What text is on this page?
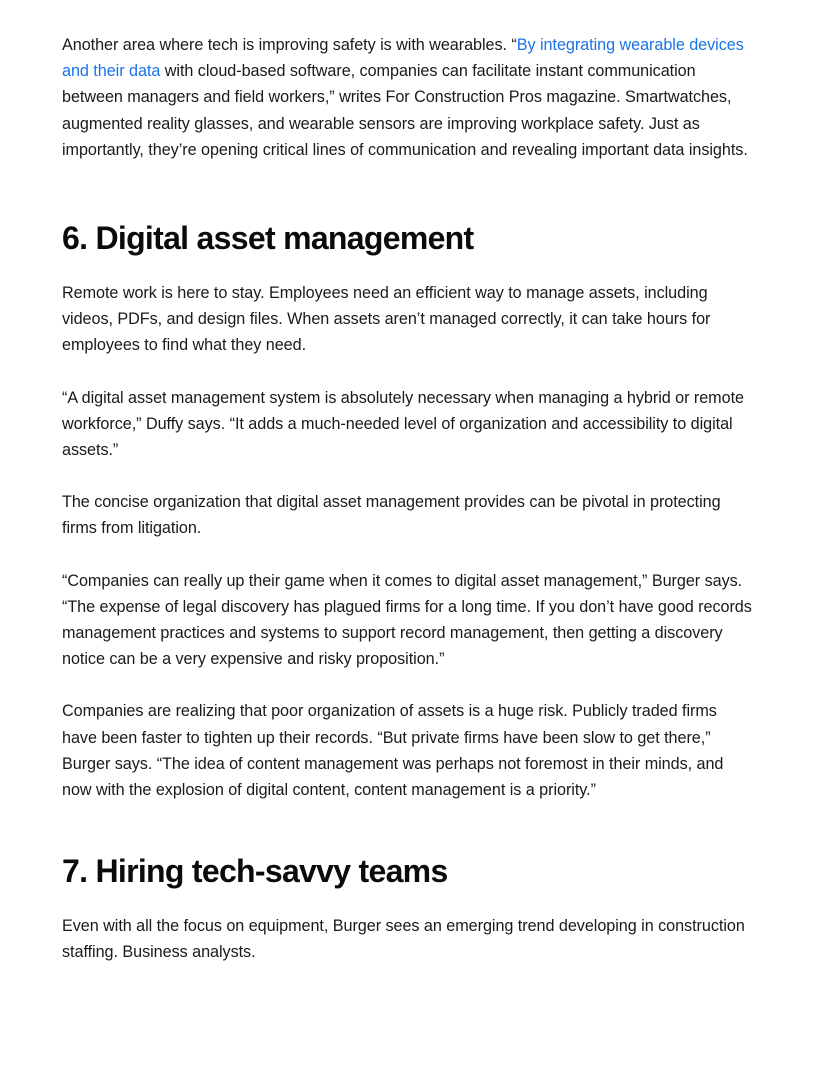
Another area where tech is improving safety is with wearables. “By integrating wearable devices and their data with cloud-based software, companies can facilitate instant communication between managers and field workers,” writes For Construction Pros magazine. Smartwatches, augmented reality glasses, and wearable sensors are improving workplace safety. Just as importantly, they’re opening critical lines of communication and revealing important data insights.

6. Digital asset management

Remote work is here to stay. Employees need an efficient way to manage assets, including videos, PDFs, and design files. When assets aren’t managed correctly, it can take hours for employees to find what they need.

“A digital asset management system is absolutely necessary when managing a hybrid or remote workforce,” Duffy says. “It adds a much-needed level of organization and accessibility to digital assets.”

The concise organization that digital asset management provides can be pivotal in protecting firms from litigation.

“Companies can really up their game when it comes to digital asset management,” Burger says. “The expense of legal discovery has plagued firms for a long time. If you don’t have good records management practices and systems to support record management, then getting a discovery notice can be a very expensive and risky proposition.”

Companies are realizing that poor organization of assets is a huge risk. Publicly traded firms have been faster to tighten up their records. “But private firms have been slow to get there,” Burger says. “The idea of content management was perhaps not foremost in their minds, and now with the explosion of digital content, content management is a priority.”

7. Hiring tech-savvy teams

Even with all the focus on equipment, Burger sees an emerging trend developing in construction staffing. Business analysts.
